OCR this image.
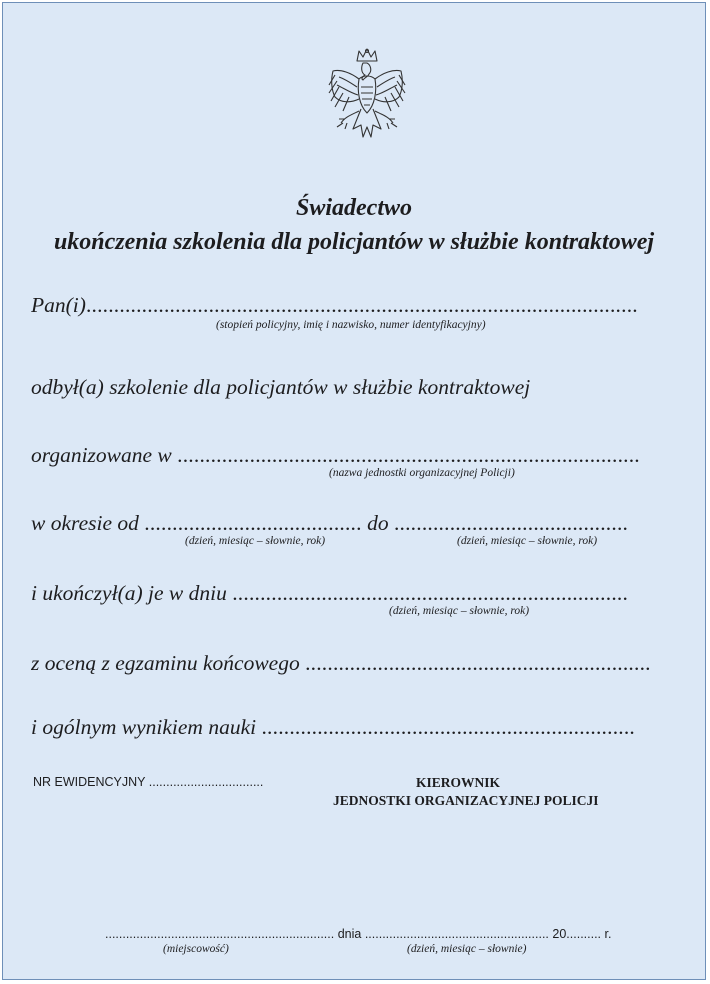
Świadectwo
ukończenia szkolenia dla policjantów w służbie kontraktowej
Pan(i)...................................................................................................
(stopień policyjny, imię i nazwisko, numer identyfikacyjny)
odbył(a) szkolenie dla policjantów w służbie kontraktowej
organizowane w ...................................................................................
(nazwa jednostki organizacyjnej Policji)
w okresie od ....................................... do ..........................................
(dzień, miesiąc – słownie, rok)	(dzień, miesiąc – słownie, rok)
i ukończył(a) je w dniu .......................................................................
(dzień, miesiąc – słownie, rok)
z oceną z egzaminu końcowego ..............................................................
i ogólnym wynikiem nauki ...................................................................
NR EWIDENCYJNY .................................	KIEROWNIK
JEDNOSTKI ORGANIZACYJNEJ POLICJI
.................................................................. dnia ..................................................... 20.......... r.
(miejscowość)	(dzień, miesiąc – słownie)
